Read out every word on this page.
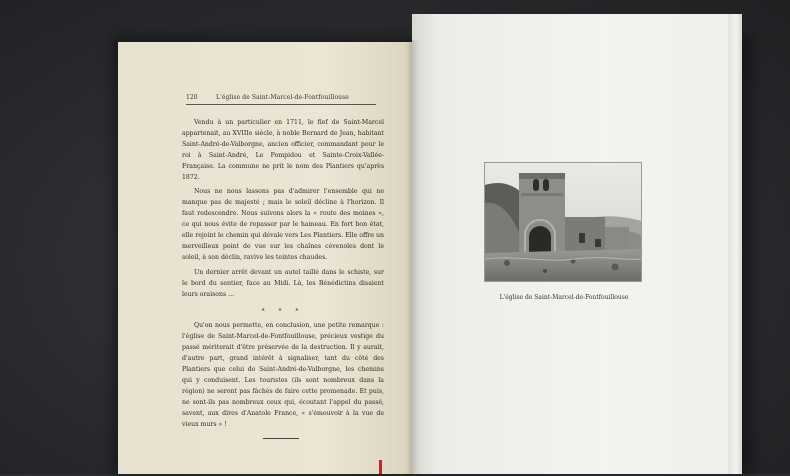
120	L'église de Saint-Marcel-de-Fontfouillouse

Vendu à un particulier en 1711, le fief de Saint-Marcel appartenait, au XVIIIe siècle, à noble Bernard de Jean, habitant Saint-André-de-Valborgne, ancien officier, commandant pour le roi à Saint-André, Le Pompidou et Sainte-Croix-Vallée-Française. La commune ne prit le nom des Plantiers qu'après 1872.

Nous ne nous lassons pas d'admirer l'ensemble qui ne manque pas de majesté ; mais le soleil décline à l'horizon. Il faut redescendre. Nous suivons alors la « route des moines », ce qui nous évite de repasser par le hameau. En fort bon état, elle rejoint le chemin qui dévale vers Les Plantiers. Elle offre un merveilleux point de vue sur les chaînes cévenoles dont le soleil, à son déclin, ravive les teintes chaudes.

Un dernier arrêt devant un autel taillé dans le schiste, sur le bord du sentier, face au Midi. Là, les Bénédictins disaient leurs oraisons ...

* * *

Qu'on nous permette, en conclusion, une petite remarque : l'église de Saint-Marcel-de-Fontfouillouse, précieux vestige du passé mériterait d'être préservée de la destruction. Il y aurait, d'autre part, grand intérêt à signaliser, tant du côté des Plantiers que celui de Saint-André-de-Valborgne, les chemins qui y conduisent. Les touristes (ils sont nombreux dans la région) ne seront pas fâchés de faire cette promenade. Et puis, ne sont-ils pas nombreux ceux qui, écoutant l'appel du passé, savent, aux dires d'Anatole France, « s'émouvoir à la vue de vieux murs » !

L'église de Saint-Marcel-de-Fontfouillouse
